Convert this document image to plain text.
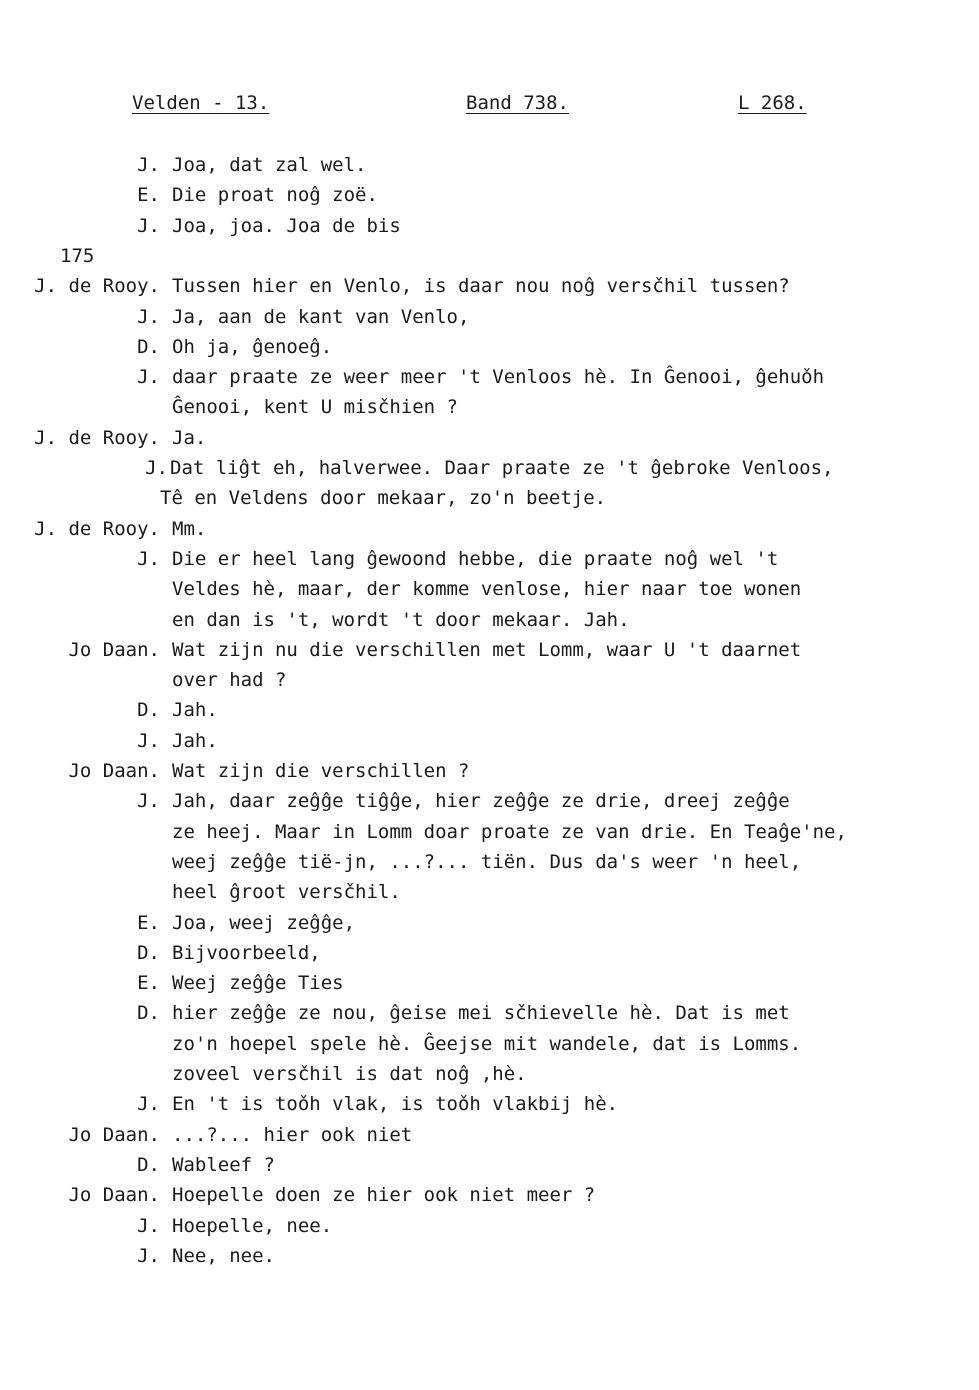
Velden - 13.	Band 738.	L 268.
J. Joa, dat zal wel.
E. Die proat noĝ zoë.
J. Joa, joa. Joa de bis
175
J. de Rooy. Tussen hier en Venlo, is daar nou noĝ versčhil tussen?
J. Ja, aan de kant van Venlo,
D. Oh ja, ĝenoeĝ.
J. daar praate ze weer meer 't Venloos hè. In Ĝenooi, ĝehuǒh
Ĝenooi, kent U misčhien ?
J. de Rooy. Ja.
J. Dat liĝt eh, halverwee. Daar praate ze 't ĝebroke Venloos,
Tê en Veldens door mekaar, zo'n beetje.
J. de Rooy. Mm.
J. Die er heel lang ĝewoond hebbe, die praate noĝ wel 't
Veldes hè, maar, der komme venlose, hier naar toe wonen
en dan is 't, wordt 't door mekaar. Jah.
Jo Daan. Wat zijn nu die verschillen met Lomm, waar U 't daarnet
over had ?
D. Jah.
J. Jah.
Jo Daan. Wat zijn die verschillen ?
J. Jah, daar zeĝĝe tiĝĝe, hier zeĝĝe ze drie, dreej zeĝĝe
ze heej. Maar in Lomm doar proate ze van drie. En Teaĝe'ne,
weej zeĝĝe tië-jn, ...?... tiën. Dus da's weer 'n heel,
heel ĝroot versčhil.
E. Joa, weej zeĝĝe,
D. Bijvoorbeeld,
E. Weej zeĝĝe Ties
D. hier zeĝĝe ze nou, ĝeise mei sčhievelle hè. Dat is met
zo'n hoepel spele hè. Ĝeejse mit wandele, dat is Lomms.
zoveel versčhil is dat noĝ ,hè.
J. En 't is toǒh vlak, is toǒh vlakbij hè.
Jo Daan. ...?... hier ook niet
D. Wableef ?
Jo Daan. Hoepelle doen ze hier ook niet meer ?
J. Hoepelle, nee.
J. Nee, nee.
